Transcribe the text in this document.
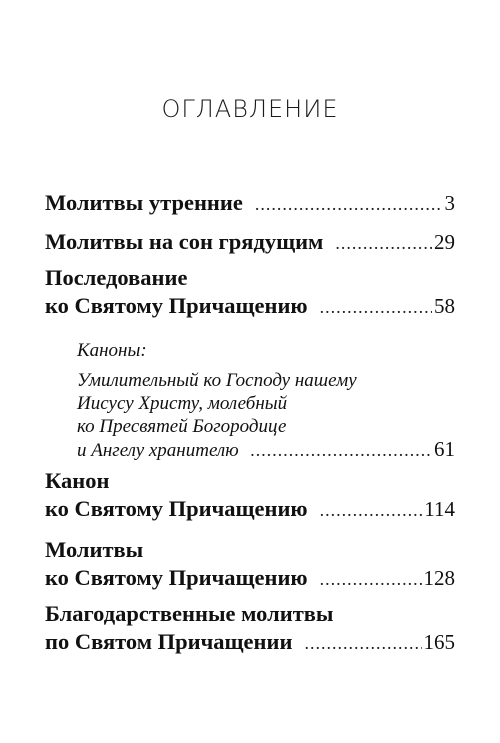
ОГЛАВЛЕНИЕ
Молитвы утренние .....	3
Молитвы на сон грядущим .....	29
Последование
ко Святому Причащению .....	58
Каноны:
Умилительный ко Господу нашему
Иисусу Христу, молебный
ко Пресвятей Богородице
и Ангелу хранителю .....	61
Канон
ко Святому Причащению .....	114
Молитвы
ко Святому Причащению .....	128
Благодарственные молитвы
по Святом Причащении .....	165
